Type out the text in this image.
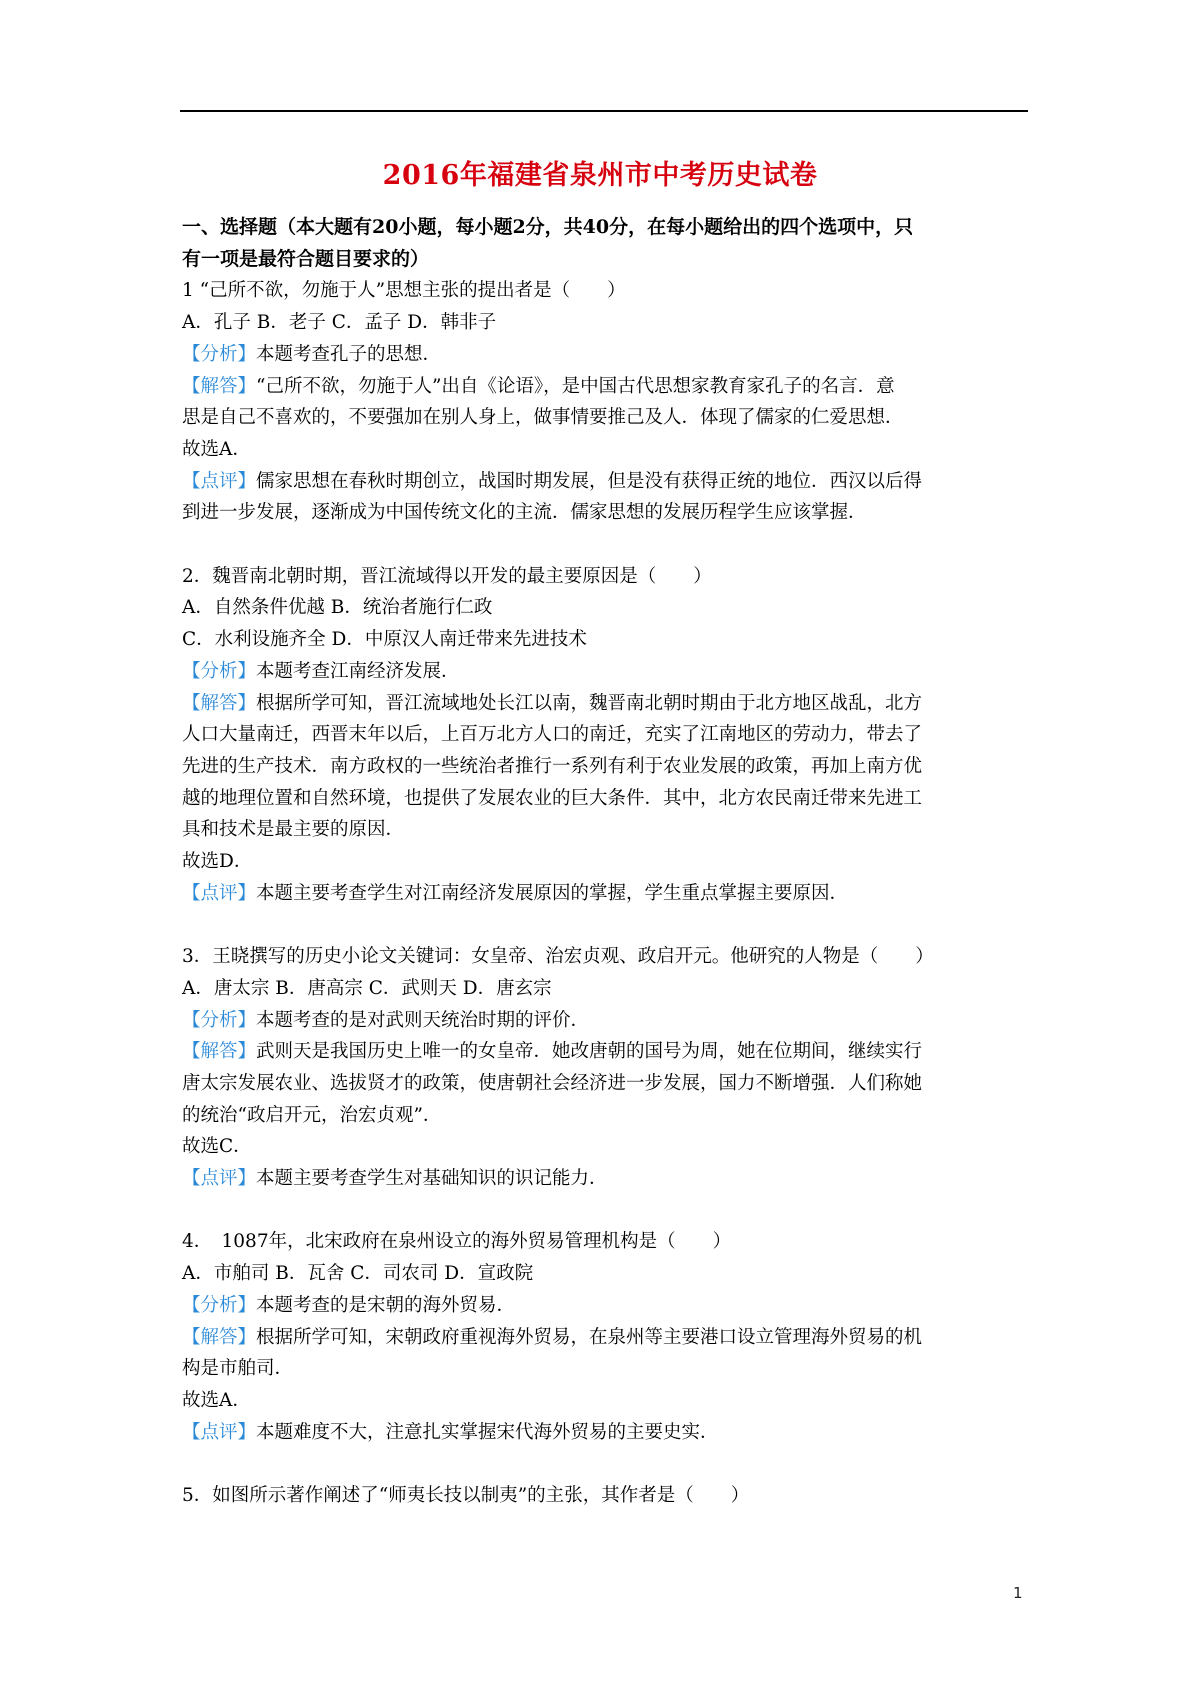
2016年福建省泉州市中考历史试卷
一、选择题（本大题有20小题，每小题2分，共40分，在每小题给出的四个选项中，只
有一项是最符合题目要求的）
1 “己所不欲，勿施于人”思想主张的提出者是（　　）
A．孔子 B．老子 C．孟子 D．韩非子
【分析】本题考查孔子的思想．
【解答】“己所不欲，勿施于人”出自《论语》，是中国古代思想家教育家孔子的名言．意
思是自己不喜欢的，不要强加在别人身上，做事情要推己及人．体现了儒家的仁爱思想．
故选A．
【点评】儒家思想在春秋时期创立，战国时期发展，但是没有获得正统的地位．西汉以后得
到进一步发展，逐渐成为中国传统文化的主流．儒家思想的发展历程学生应该掌握．
2．魏晋南北朝时期，晋江流域得以开发的最主要原因是（　　）
A．自然条件优越 B．统治者施行仁政
C．水利设施齐全 D．中原汉人南迁带来先进技术
【分析】本题考查江南经济发展．
【解答】根据所学可知，晋江流域地处长江以南，魏晋南北朝时期由于北方地区战乱，北方
人口大量南迁，西晋末年以后，上百万北方人口的南迁，充实了江南地区的劳动力，带去了
先进的生产技术．南方政权的一些统治者推行一系列有利于农业发展的政策，再加上南方优
越的地理位置和自然环境，也提供了发展农业的巨大条件．其中，北方农民南迁带来先进工
具和技术是最主要的原因．
故选D．
【点评】本题主要考查学生对江南经济发展原因的掌握，学生重点掌握主要原因．
3．王晓撰写的历史小论文关键词：女皇帝、治宏贞观、政启开元。他研究的人物是（　　）
A．唐太宗 B．唐高宗 C．武则天 D．唐玄宗
【分析】本题考查的是对武则天统治时期的评价．
【解答】武则天是我国历史上唯一的女皇帝．她改唐朝的国号为周，她在位期间，继续实行
唐太宗发展农业、选拔贤才的政策，使唐朝社会经济进一步发展，国力不断增强．人们称她
的统治“政启开元，治宏贞观”．
故选C．
【点评】本题主要考查学生对基础知识的识记能力．
4．　1087年，北宋政府在泉州设立的海外贸易管理机构是（　　）
A．市舶司 B．瓦舍 C．司农司 D．宣政院
【分析】本题考查的是宋朝的海外贸易．
【解答】根据所学可知，宋朝政府重视海外贸易，在泉州等主要港口设立管理海外贸易的机
构是市舶司．
故选A．
【点评】本题难度不大，注意扎实掌握宋代海外贸易的主要史实．
5．如图所示著作阐述了“师夷长技以制夷”的主张，其作者是（　　）
1
